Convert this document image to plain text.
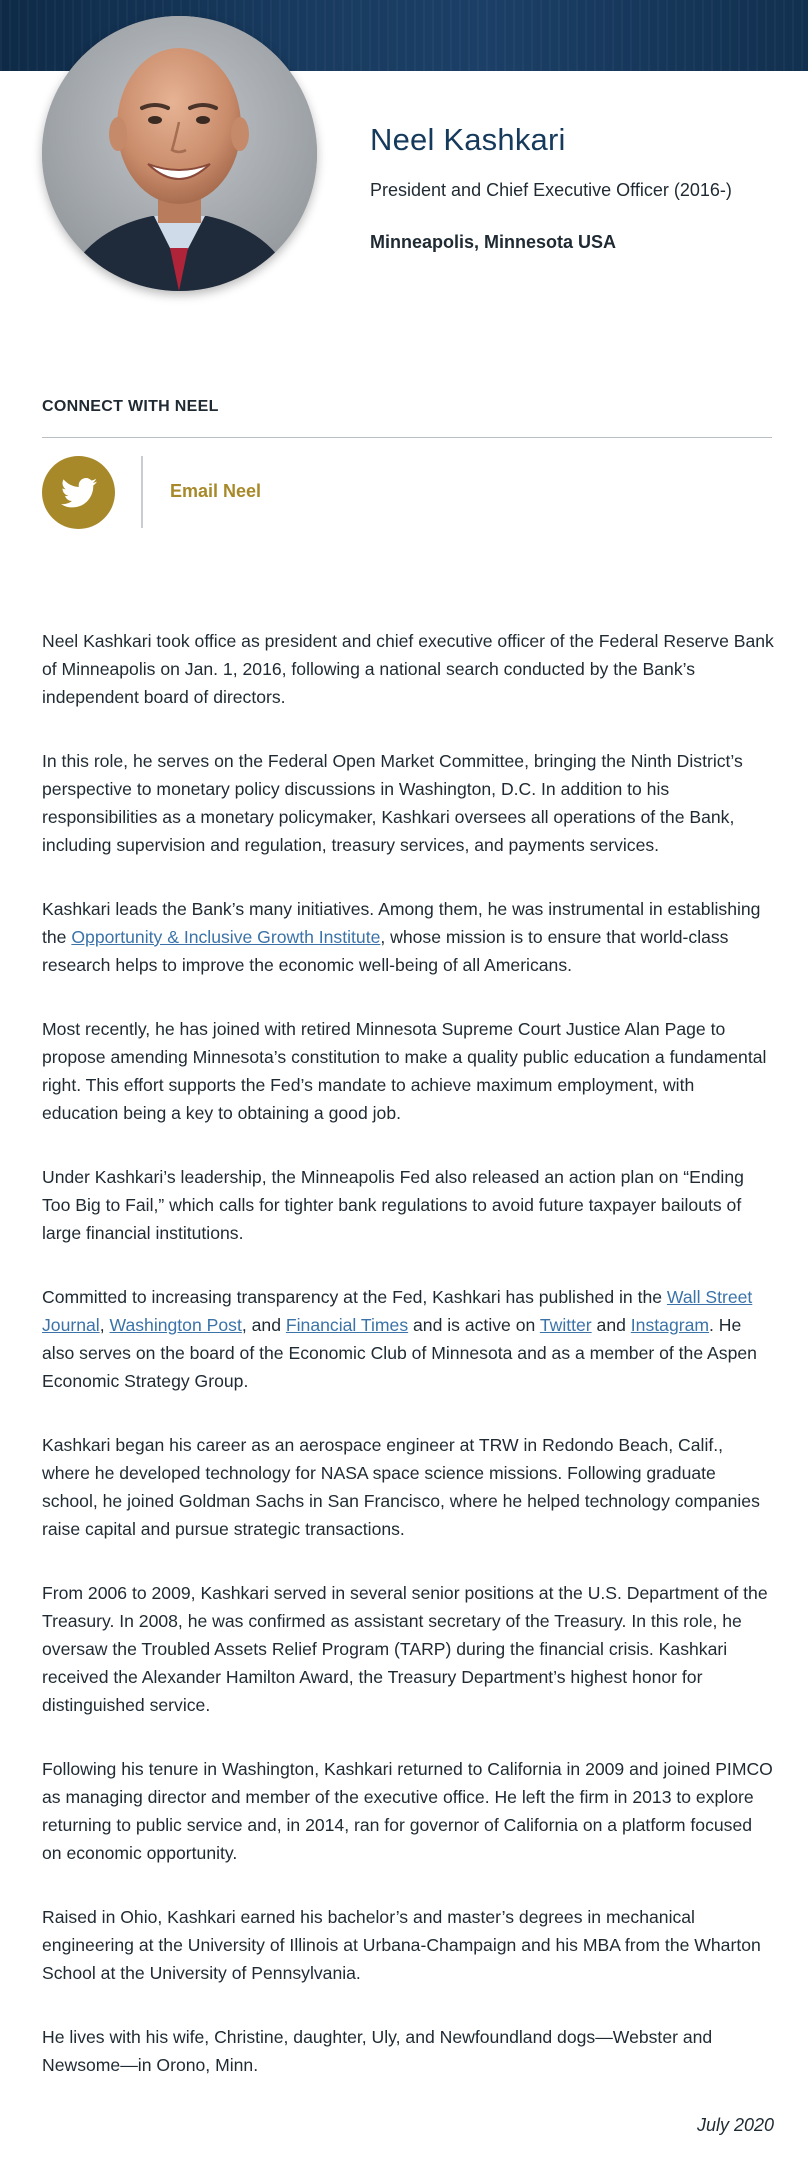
Neel Kashkari
President and Chief Executive Officer (2016-)
Minneapolis, Minnesota USA
CONNECT WITH NEEL
Email Neel

Neel Kashkari took office as president and chief executive officer of the Federal Reserve Bank of Minneapolis on Jan. 1, 2016, following a national search conducted by the Bank’s independent board of directors.

In this role, he serves on the Federal Open Market Committee, bringing the Ninth District’s perspective to monetary policy discussions in Washington, D.C. In addition to his responsibilities as a monetary policymaker, Kashkari oversees all operations of the Bank, including supervision and regulation, treasury services, and payments services.

Kashkari leads the Bank’s many initiatives. Among them, he was instrumental in establishing the Opportunity & Inclusive Growth Institute, whose mission is to ensure that world-class research helps to improve the economic well-being of all Americans.

Most recently, he has joined with retired Minnesota Supreme Court Justice Alan Page to propose amending Minnesota’s constitution to make a quality public education a fundamental right. This effort supports the Fed’s mandate to achieve maximum employment, with education being a key to obtaining a good job.

Under Kashkari’s leadership, the Minneapolis Fed also released an action plan on “Ending Too Big to Fail,” which calls for tighter bank regulations to avoid future taxpayer bailouts of large financial institutions.

Committed to increasing transparency at the Fed, Kashkari has published in the Wall Street Journal, Washington Post, and Financial Times and is active on Twitter and Instagram. He also serves on the board of the Economic Club of Minnesota and as a member of the Aspen Economic Strategy Group.

Kashkari began his career as an aerospace engineer at TRW in Redondo Beach, Calif., where he developed technology for NASA space science missions. Following graduate school, he joined Goldman Sachs in San Francisco, where he helped technology companies raise capital and pursue strategic transactions.

From 2006 to 2009, Kashkari served in several senior positions at the U.S. Department of the Treasury. In 2008, he was confirmed as assistant secretary of the Treasury. In this role, he oversaw the Troubled Assets Relief Program (TARP) during the financial crisis. Kashkari received the Alexander Hamilton Award, the Treasury Department’s highest honor for distinguished service.

Following his tenure in Washington, Kashkari returned to California in 2009 and joined PIMCO as managing director and member of the executive office. He left the firm in 2013 to explore returning to public service and, in 2014, ran for governor of California on a platform focused on economic opportunity.

Raised in Ohio, Kashkari earned his bachelor’s and master’s degrees in mechanical engineering at the University of Illinois at Urbana-Champaign and his MBA from the Wharton School at the University of Pennsylvania.

He lives with his wife, Christine, daughter, Uly, and Newfoundland dogs—Webster and Newsome—in Orono, Minn.

July 2020
